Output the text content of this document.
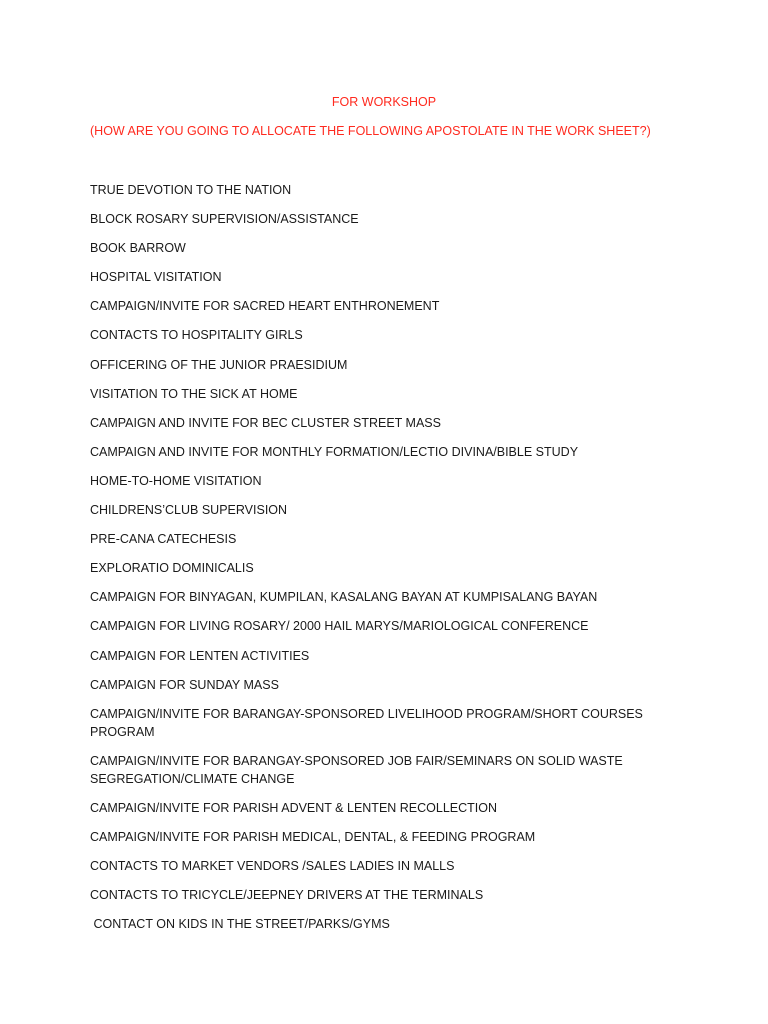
FOR WORKSHOP
(HOW ARE YOU GOING TO ALLOCATE THE FOLLOWING APOSTOLATE IN THE WORK SHEET?)
TRUE DEVOTION TO THE NATION
BLOCK ROSARY SUPERVISION/ASSISTANCE
BOOK BARROW
HOSPITAL VISITATION
CAMPAIGN/INVITE FOR SACRED HEART ENTHRONEMENT
CONTACTS TO HOSPITALITY GIRLS
OFFICERING OF THE JUNIOR PRAESIDIUM
VISITATION TO THE SICK AT HOME
CAMPAIGN AND INVITE FOR BEC CLUSTER STREET MASS
CAMPAIGN AND INVITE FOR MONTHLY FORMATION/LECTIO DIVINA/BIBLE STUDY
HOME-TO-HOME VISITATION
CHILDRENS’CLUB SUPERVISION
PRE-CANA CATECHESIS
EXPLORATIO DOMINICALIS
CAMPAIGN FOR BINYAGAN, KUMPILAN, KASALANG BAYAN AT KUMPISALANG BAYAN
CAMPAIGN FOR LIVING ROSARY/ 2000 HAIL MARYS/MARIOLOGICAL CONFERENCE
CAMPAIGN FOR LENTEN ACTIVITIES
CAMPAIGN FOR SUNDAY MASS
CAMPAIGN/INVITE FOR BARANGAY-SPONSORED LIVELIHOOD PROGRAM/SHORT COURSES PROGRAM
CAMPAIGN/INVITE FOR BARANGAY-SPONSORED JOB FAIR/SEMINARS ON SOLID WASTE SEGREGATION/CLIMATE CHANGE
CAMPAIGN/INVITE FOR PARISH ADVENT & LENTEN RECOLLECTION
CAMPAIGN/INVITE FOR PARISH MEDICAL, DENTAL, & FEEDING PROGRAM
CONTACTS TO MARKET VENDORS /SALES LADIES IN MALLS
CONTACTS TO TRICYCLE/JEEPNEY DRIVERS AT THE TERMINALS
CONTACT ON KIDS IN THE STREET/PARKS/GYMS
